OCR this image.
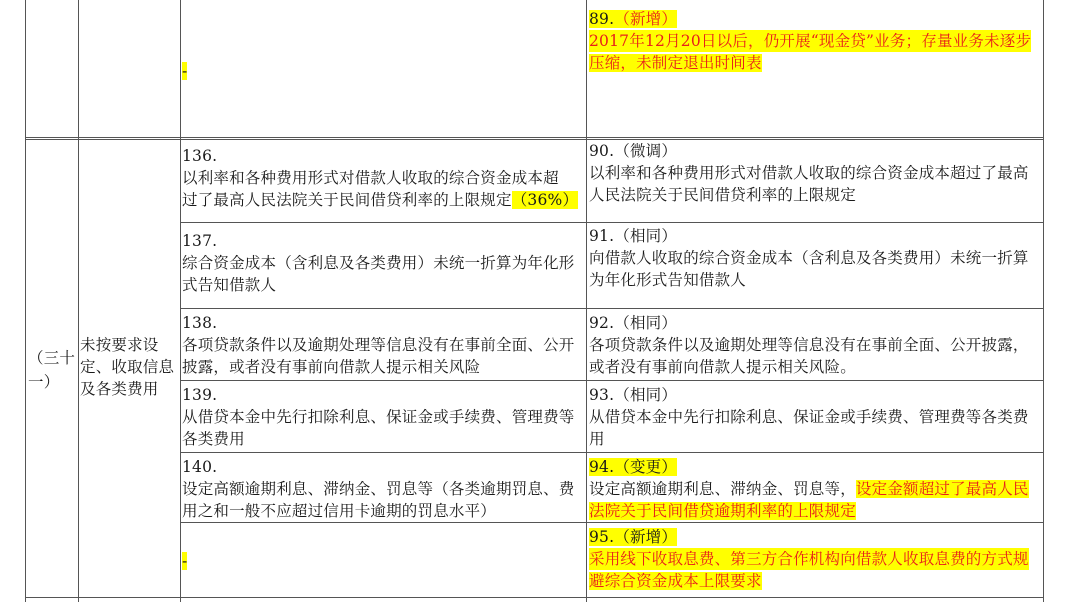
（三十
一）
未按要求设
定、收取信息
及各类费用
-
89.（新增）
2017年12月20日以后，仍开展“现金贷”业务；存量业务未逐步
压缩，未制定退出时间表
136.
以利率和各种费用形式对借款人收取的综合资金成本超
过了最高人民法院关于民间借贷利率的上限规定（36%）
90.（微调）
以利率和各种费用形式对借款人收取的综合资金成本超过了最高
人民法院关于民间借贷利率的上限规定
137.
综合资金成本（含利息及各类费用）未统一折算为年化形
式告知借款人
91.（相同）
向借款人收取的综合资金成本（含利息及各类费用）未统一折算
为年化形式告知借款人
138.
各项贷款条件以及逾期处理等信息没有在事前全面、公开
披露，或者没有事前向借款人提示相关风险
92.（相同）
各项贷款条件以及逾期处理等信息没有在事前全面、公开披露，
或者没有事前向借款人提示相关风险。
139.
从借贷本金中先行扣除利息、保证金或手续费、管理费等
各类费用
93.（相同）
从借贷本金中先行扣除利息、保证金或手续费、管理费等各类费
用
140.
设定高额逾期利息、滞纳金、罚息等（各类逾期罚息、费
用之和一般不应超过信用卡逾期的罚息水平）
94.（变更）
设定高额逾期利息、滞纳金、罚息等，设定金额超过了最高人民
法院关于民间借贷逾期利率的上限规定
-
95.（新增）
采用线下收取息费、第三方合作机构向借款人收取息费的方式规
避综合资金成本上限要求
